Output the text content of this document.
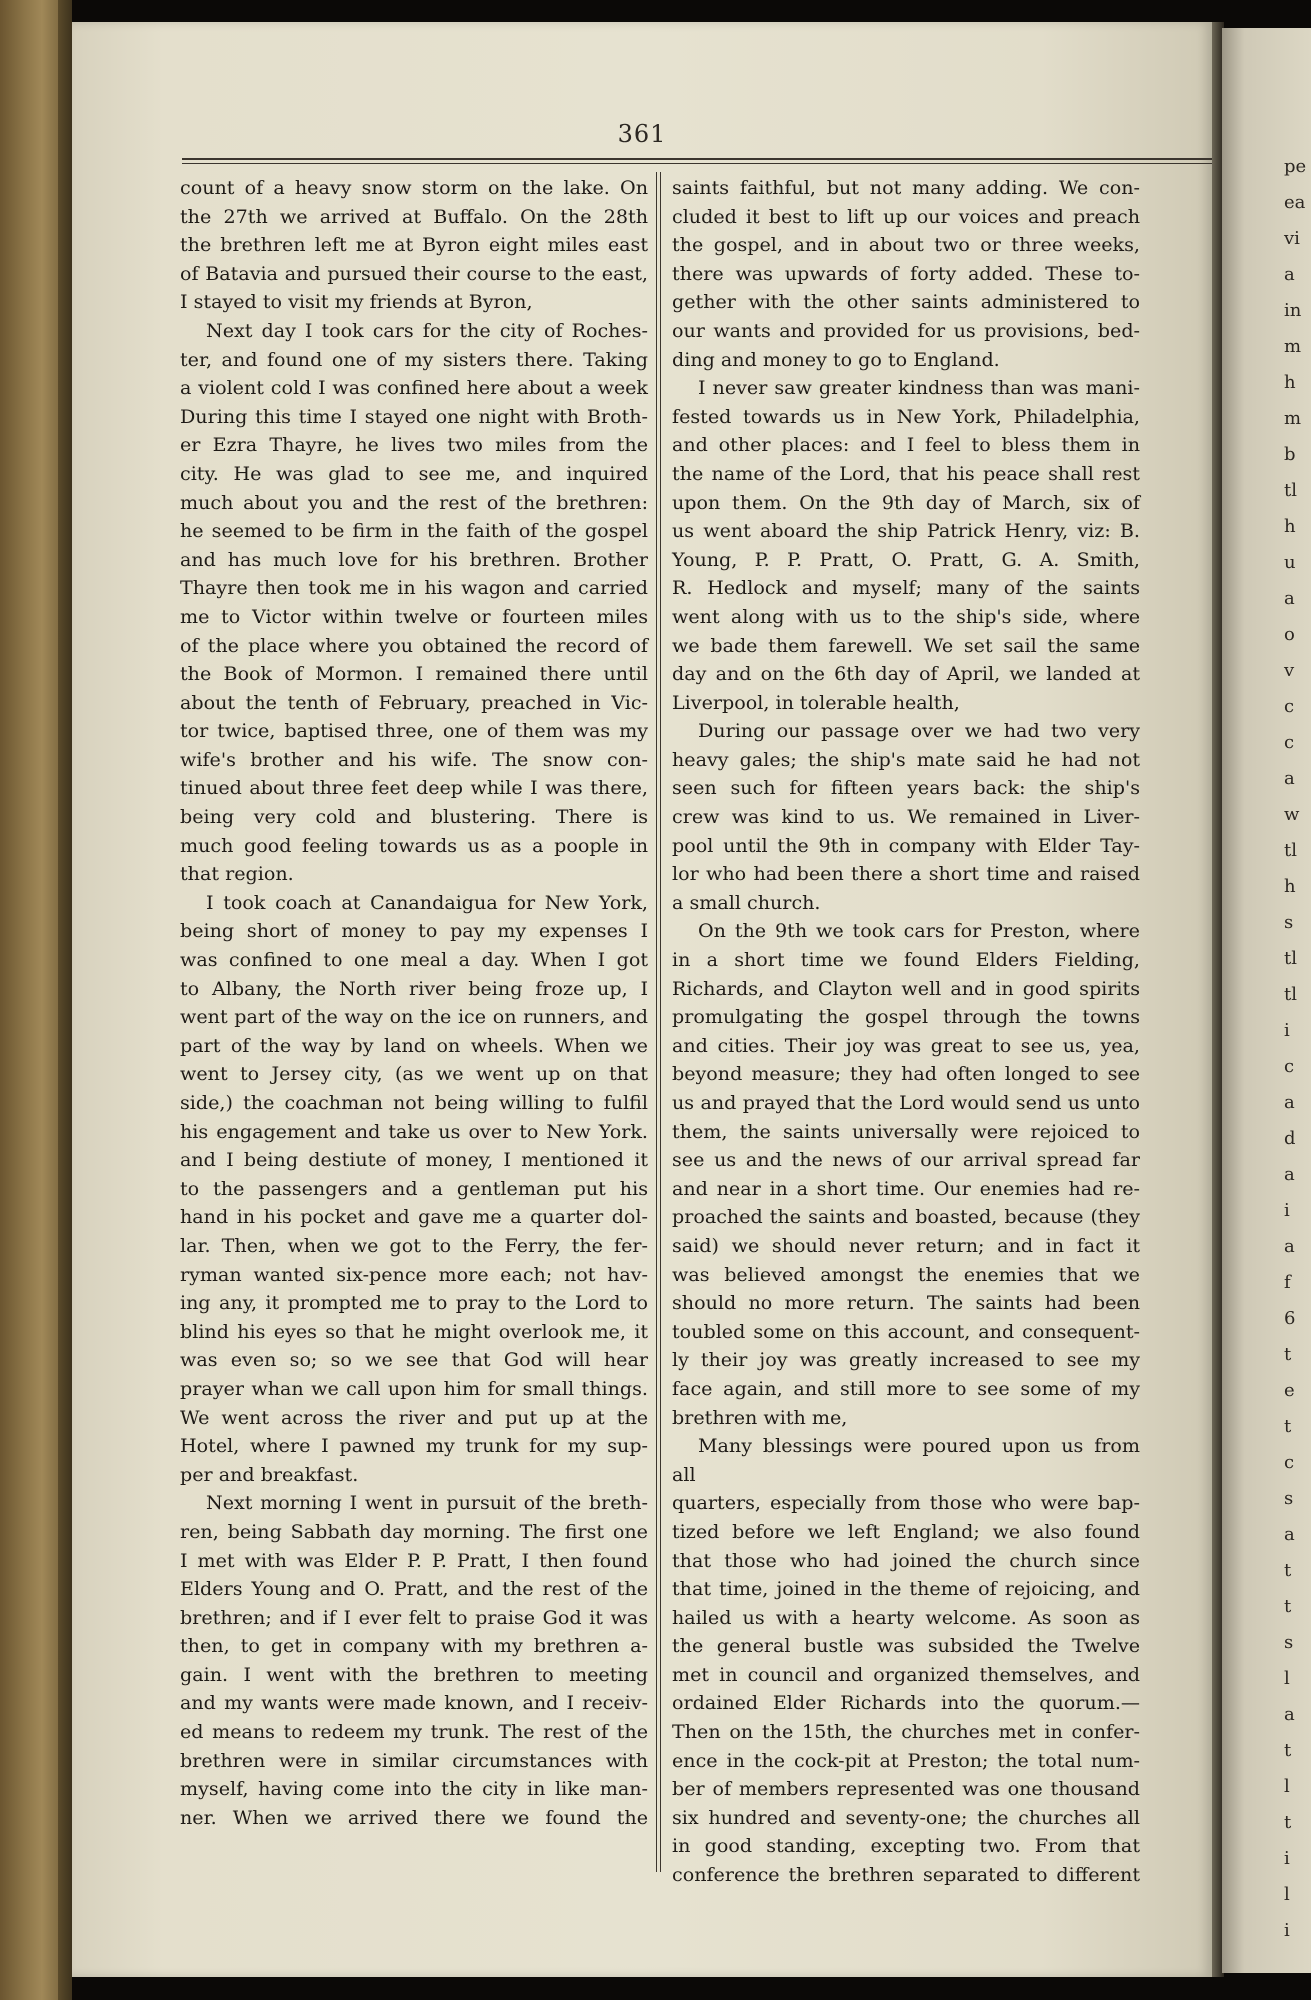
361

count of a heavy snow storm on the lake. On

the 27th we arrived at Buffalo. On the 28th

the brethren left me at Byron eight miles east

of Batavia and pursued their course to the east,

I stayed to visit my friends at Byron,

Next day I took cars for the city of Roches-

ter, and found one of my sisters there. Taking

a violent cold I was confined here about a week

During this time I stayed one night with Broth-

er Ezra Thayre, he lives two miles from the

city. He was glad to see me, and inquired

much about you and the rest of the brethren:

he seemed to be firm in the faith of the gospel

and has much love for his brethren. Brother

Thayre then took me in his wagon and carried

me to Victor within twelve or fourteen miles

of the place where you obtained the record of

the Book of Mormon. I remained there until

about the tenth of February, preached in Vic-

tor twice, baptised three, one of them was my

wife's brother and his wife. The snow con-

tinued about three feet deep while I was there,

being very cold and blustering. There is

much good feeling towards us as a poople in

that region.

I took coach at Canandaigua for New York,

being short of money to pay my expenses I

was confined to one meal a day. When I got

to Albany, the North river being froze up, I

went part of the way on the ice on runners, and

part of the way by land on wheels. When we

went to Jersey city, (as we went up on that

side,) the coachman not being willing to fulfil

his engagement and take us over to New York.

and I being destiute of money, I mentioned it

to the passengers and a gentleman put his

hand in his pocket and gave me a quarter dol-

lar. Then, when we got to the Ferry, the fer-

ryman wanted six-pence more each; not hav-

ing any, it prompted me to pray to the Lord to

blind his eyes so that he might overlook me, it

was even so; so we see that God will hear

prayer whan we call upon him for small things.

We went across the river and put up at the

Hotel, where I pawned my trunk for my sup-

per and breakfast.

Next morning I went in pursuit of the breth-

ren, being Sabbath day morning. The first one

I met with was Elder P. P. Pratt, I then found

Elders Young and O. Pratt, and the rest of the

brethren; and if I ever felt to praise God it was

then, to get in company with my brethren a-

gain. I went with the brethren to meeting

and my wants were made known, and I receiv-

ed means to redeem my trunk. The rest of the

brethren were in similar circumstances with

myself, having come into the city in like man-

ner. When we arrived there we found the

saints faithful, but not many adding. We con-

cluded it best to lift up our voices and preach

the gospel, and in about two or three weeks,

there was upwards of forty added. These to-

gether with the other saints administered to

our wants and provided for us provisions, bed-

ding and money to go to England.

I never saw greater kindness than was mani-

fested towards us in New York, Philadelphia,

and other places: and I feel to bless them in

the name of the Lord, that his peace shall rest

upon them. On the 9th day of March, six of

us went aboard the ship Patrick Henry, viz: B.

Young, P. P. Pratt, O. Pratt, G. A. Smith,

R. Hedlock and myself; many of the saints

went along with us to the ship's side, where

we bade them farewell. We set sail the same

day and on the 6th day of April, we landed at

Liverpool, in tolerable health,

During our passage over we had two very

heavy gales; the ship's mate said he had not

seen such for fifteen years back: the ship's

crew was kind to us. We remained in Liver-

pool until the 9th in company with Elder Tay-

lor who had been there a short time and raised

a small church.

On the 9th we took cars for Preston, where

in a short time we found Elders Fielding,

Richards, and Clayton well and in good spirits

promulgating the gospel through the towns

and cities. Their joy was great to see us, yea,

beyond measure; they had often longed to see

us and prayed that the Lord would send us unto

them, the saints universally were rejoiced to

see us and the news of our arrival spread far

and near in a short time. Our enemies had re-

proached the saints and boasted, because (they

said) we should never return; and in fact it

was believed amongst the enemies that we

should no more return. The saints had been

toubled some on this account, and consequent-

ly their joy was greatly increased to see my

face again, and still more to see some of my

brethren with me,

Many blessings were poured upon us from all

quarters, especially from those who were bap-

tized before we left England; we also found

that those who had joined the church since

that time, joined in the theme of rejoicing, and

hailed us with a hearty welcome. As soon as

the general bustle was subsided the Twelve

met in council and organized themselves, and

ordained Elder Richards into the quorum.—

Then on the 15th, the churches met in confer-

ence in the cock-pit at Preston; the total num-

ber of members represented was one thousand

six hundred and seventy-one; the churches all

in good standing, excepting two. From that

conference the brethren separated to different

pe
ea
vi
a
in
m
h
m
b
tl
h
u
a
o
v
c
c
a
w
tl
h
s
tl
tl
i
c
a
d
a
i
a
f
6
t
e
t
c
s
a
t
t
s
l
a
t
l
t
i
l
i
